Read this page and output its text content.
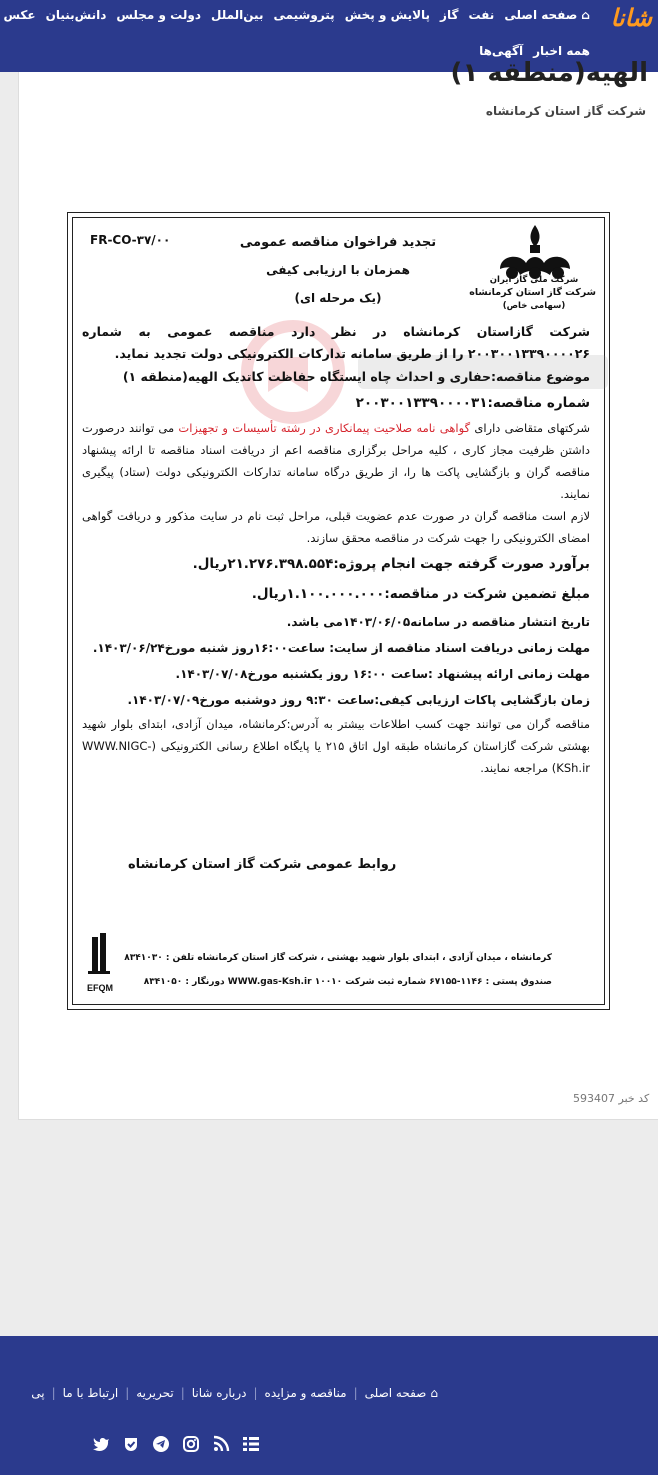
شانا
⌂
صفحه اصلی
نفت
گاز
پالایش و پخش
پتروشیمی
بین‌الملل
دولت و مجلس
دانش‌بنیان
عکس
همه اخبار
آگهی‌ها
الهیه(منطقه ۱)
شرکت گاز استان کرمانشاه
FR-CO-۳۷/۰۰	تجدید فراخوان مناقصه عمومی
همزمان با ارزیابی کیفی
(یک مرحله ای)
شرکت ملی گاز ایران
شرکت گاز استان کرمانشاه
(سهامی خاص)
شرکت گازاستان کرمانشاه در نظر دارد مناقصه عمومی به شماره ۲۰۰۳۰۰۱۳۳۹۰۰۰۰۲۶ را از طریق سامانه تدارکات الکترونیکی دولت تجدید نماید.
موضوع مناقصه:حفاری و احداث چاه ایستگاه حفاظت کاتدیک الهیه(منطقه ۱)
شماره مناقصه:۲۰۰۳۰۰۱۳۳۹۰۰۰۰۳۱
شرکتهای متقاضی دارای گواهی نامه صلاحیت پیمانکاری در رشته تأسیسات و تجهیزات می توانند درصورت داشتن ظرفیت مجاز کاری ، کلیه مراحل برگزاری مناقصه اعم از دریافت اسناد مناقصه تا ارائه پیشنهاد مناقصه گران و بازگشایی پاکت ها را، از طریق درگاه سامانه تدارکات الکترونیکی دولت (ستاد) پیگیری نمایند.
لازم است مناقصه گران در صورت عدم عضویت قبلی، مراحل ثبت نام در سایت مذکور و دریافت گواهی امضای الکترونیکی را جهت شرکت در مناقصه محقق سازند.
برآورد صورت گرفته جهت انجام پروژه:۲۱.۲۷۶.۳۹۸.۵۵۴ریال.
مبلغ تضمین شرکت در مناقصه:۱.۱۰۰.۰۰۰.۰۰۰ریال.
تاریخ انتشار مناقصه در سامانه۱۴۰۳/۰۶/۰۵می باشد.
مهلت زمانی دریافت اسناد مناقصه از سایت: ساعت۱۶:۰۰روز شنبه مورخ۱۴۰۳/۰۶/۲۴.
مهلت زمانی ارائه پیشنهاد :ساعت ۱۶:۰۰ روز یکشنبه مورخ۱۴۰۳/۰۷/۰۸.
زمان بازگشایی پاکات ارزیابی کیفی:ساعت ۹:۳۰ روز دوشنبه مورخ۱۴۰۳/۰۷/۰۹.
مناقصه گران می توانند جهت کسب اطلاعات بیشتر به آدرس:کرمانشاه، میدان آزادی، ابتدای بلوار شهید بهشتی شرکت گازاستان کرمانشاه طبقه اول اتاق ۲۱۵ یا پایگاه اطلاع رسانی الکترونیکی (WWW.NIGC-KSh.ir) مراجعه نمایند.
روابط عمومی شرکت گاز استان کرمانشاه
کرمانشاه ، میدان آزادی ، ابتدای بلوار شهید بهشتی ، شرکت گاز استان کرمانشاه تلفن : ۸۳۴۱۰۳۰
صندوق پستی : ۱۱۴۶-۶۷۱۵۵ شماره ثبت شرکت ۱۰۰۱۰ WWW.gas-Ksh.ir دورنگار : ۸۳۴۱۰۵۰
EFQM
کد خبر 593407
⌂
صفحه اصلی
|
مناقصه و مزایده
|
درباره شانا
|
تحریریه
|
ارتباط با ما
|
پی
